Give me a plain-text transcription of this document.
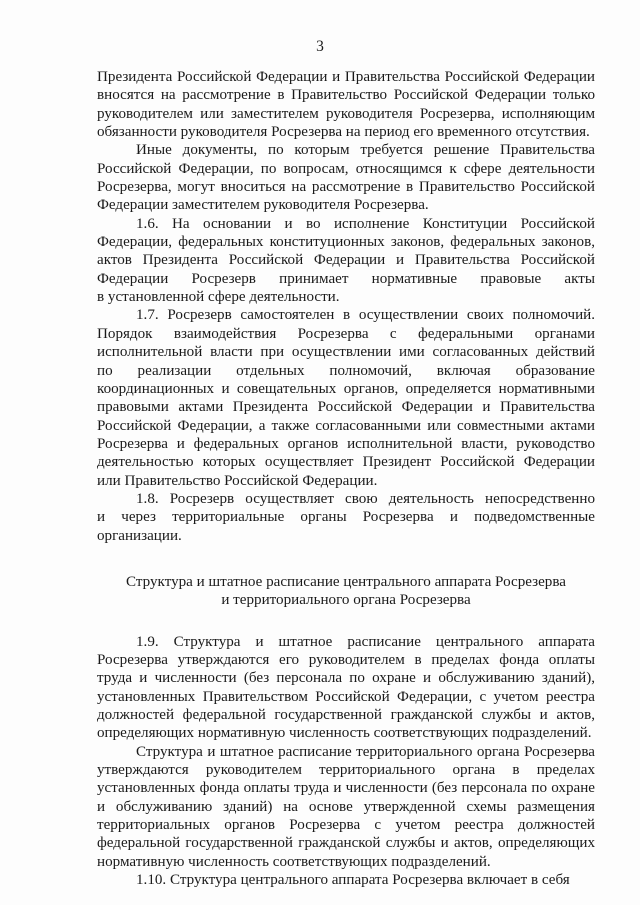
3
Президента Российской Федерации и Правительства Российской Федерации
вносятся на рассмотрение в Правительство Российской Федерации только
руководителем или заместителем руководителя Росрезерва, исполняющим
обязанности руководителя Росрезерва на период его временного отсутствия.
Иные документы, по которым требуется решение Правительства
Российской Федерации, по вопросам, относящимся к сфере деятельности
Росрезерва, могут вноситься на рассмотрение в Правительство Российской
Федерации заместителем руководителя Росрезерва.
1.6. На основании и во исполнение Конституции Российской
Федерации, федеральных конституционных законов, федеральных законов,
актов Президента Российской Федерации и Правительства Российской
Федерации Росрезерв принимает нормативные правовые акты
в установленной сфере деятельности.
1.7. Росрезерв самостоятелен в осуществлении своих полномочий.
Порядок взаимодействия Росрезерва с федеральными органами
исполнительной власти при осуществлении ими согласованных действий
по реализации отдельных полномочий, включая образование
координационных и совещательных органов, определяется нормативными
правовыми актами Президента Российской Федерации и Правительства
Российской Федерации, а также согласованными или совместными актами
Росрезерва и федеральных органов исполнительной власти, руководство
деятельностью которых осуществляет Президент Российской Федерации
или Правительство Российской Федерации.
1.8. Росрезерв осуществляет свою деятельность непосредственно
и через территориальные органы Росрезерва и подведомственные
организации.
Структура и штатное расписание центрального аппарата Росрезерва
и территориального органа Росрезерва
1.9. Структура и штатное расписание центрального аппарата
Росрезерва утверждаются его руководителем в пределах фонда оплаты
труда и численности (без персонала по охране и обслуживанию зданий),
установленных Правительством Российской Федерации, с учетом реестра
должностей федеральной государственной гражданской службы и актов,
определяющих нормативную численность соответствующих подразделений.
Структура и штатное расписание территориального органа Росрезерва
утверждаются руководителем территориального органа в пределах
установленных фонда оплаты труда и численности (без персонала по охране
и обслуживанию зданий) на основе утвержденной схемы размещения
территориальных органов Росрезерва с учетом реестра должностей
федеральной государственной гражданской службы и актов, определяющих
нормативную численность соответствующих подразделений.
1.10. Структура центрального аппарата Росрезерва включает в себя
